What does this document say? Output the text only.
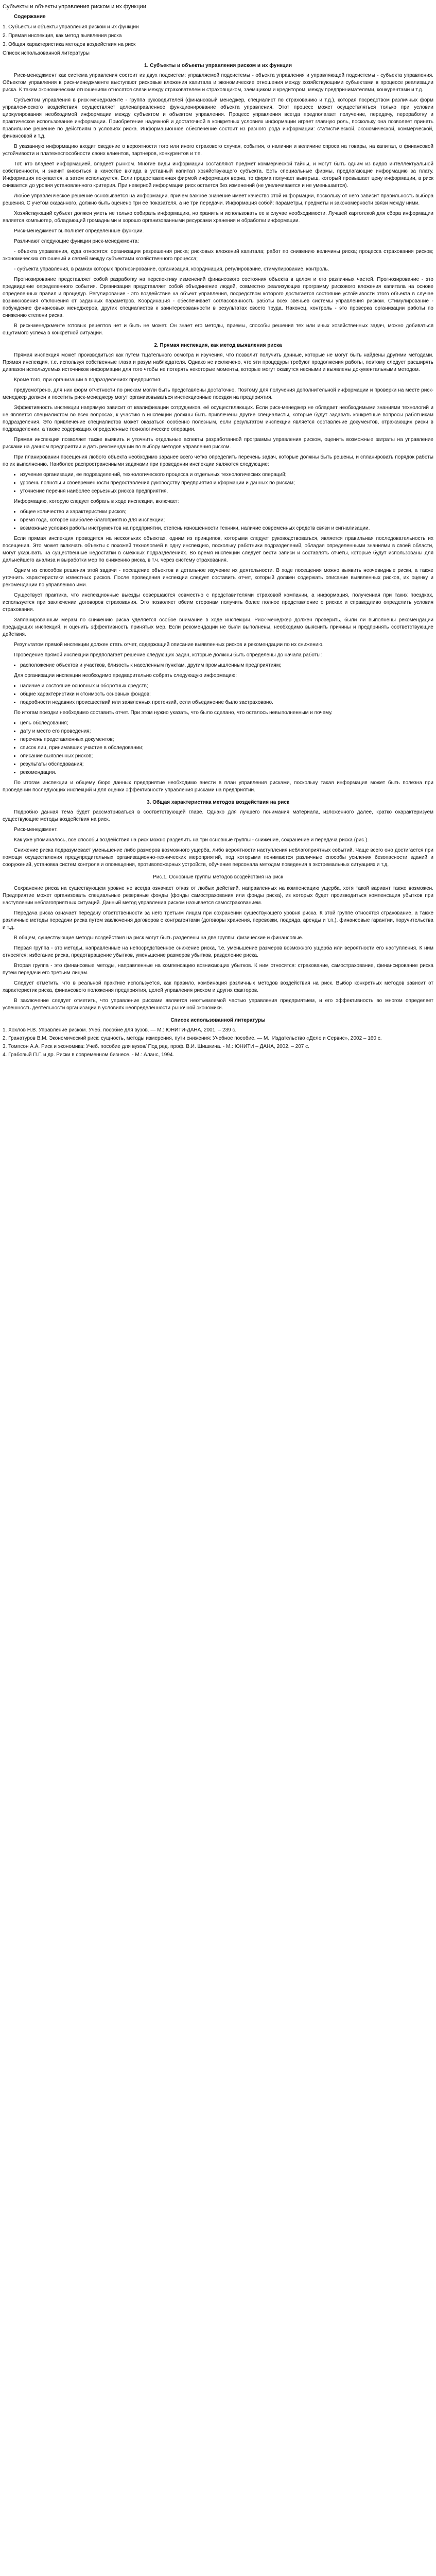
Субъекты и объекты управления риском и их функции
Содержание
1. Субъекты и объекты управления риском и их функции
2. Прямая инспекция, как метод выявления риска
3. Общая характеристика методов воздействия на риск
Список использованной литературы
1. Субъекты и объекты управления риском и их функции

Риск-менеджмент как система управления состоит из двух подсистем: управляемой подсистемы - объекта управления и управляющей подсистемы - субъекта управления. Объектом управления в риск-менеджменте выступают рисковые вложения капитала и экономические отношения между хозяйствующими субъектами в процессе реализации риска. К таким экономическим отношениям относятся связи между страхователем и страховщиком, заемщиком и кредитором, между предпринимателями, конкурентами и т.д.

Субъектом управления в риск-менеджменте - группа руководителей (финансовый менеджер, специалист по страхованию и т.д.), которая посредством различных форм управленческого воздействия осуществляет целенаправленное функционирование объекта управления. Этот процесс может осуществляться только при условии циркулирования необходимой информации между субъектом и объектом управления. Процесс управления всегда предполагает получение, передачу, переработку и практическое использование информации. Приобретение надежной и достаточной в конкретных условиях информации играет главную роль, поскольку она позволяет принять правильное решение по действиям в условиях риска. Информационное обеспечение состоит из разного рода информации: статистической, экономической, коммерческой, финансовой и т.д.

В указанную информацию входит сведение о вероятности того или иного страхового случая, события, о наличии и величине спроса на товары, на капитал, о финансовой устойчивости и платежеспособности своих клиентов, партнеров, конкурентов и т.п.

Тот, кто владеет информацией, владеет рынком. Многие виды информации составляют предмет коммерческой тайны, и могут быть одним из видов интеллектуальной собственности, и значит вноситься в качестве вклада в уставный капитал хозяйствующего субъекта. Есть специальные фирмы, предлагающие информацию за плату. Информация покупается, а затем используется. Если предоставленная фирмой информация верна, то фирма получает выигрыш, который превышает цену информации, а риск снижается до уровня установленного критерия. При неверной информации риск остается без изменений (не увеличивается и не уменьшается).

Любое управленческое решение основывается на информации, причем важное значение имеет качество этой информации, поскольку от него зависит правильность выбора решения. С учетом сказанного, должно быть оценено три ее показателя, а не три передачи. Информация собой: параметры, предметы и закономерности связи между ними.

Хозяйствующий субъект должен уметь не только собирать информацию, но хранить и использовать ее в случае необходимости. Лучшей картотекой для сбора информации является компьютер, обладающий громадными и хорошо организованными ресурсами хранения и обработки информации.

Риск-менеджмент выполняет определенные функции.

Различают следующие функции риск-менеджмента:

- объекта управления, куда относятся: организация разрешения риска; рисковых вложений капитала; работ по снижению величины риска; процесса страхования рисков; экономических отношений и связей между субъектами хозяйственного процесса;

- субъекта управления, в рамках которых прогнозирование, организация, координация, регулирование, стимулирование, контроль.

Прогнозирование представляет собой разработку на перспективу изменений финансового состояния объекта в целом и его различных частей. Прогнозирование - это предвидение определенного события. Организация представляет собой объединение людей, совместно реализующих программу рискового вложения капитала на основе определенных правил и процедур. Регулирование - это воздействие на объект управления, посредством которого достигается состояние устойчивости этого объекта в случае возникновения отклонения от заданных параметров. Координация - обеспечивает согласованность работы всех звеньев системы управления риском. Стимулирование - побуждение финансовых менеджеров, других специалистов к заинтересованности в результатах своего труда. Наконец, контроль - это проверка организации работы по снижению степени риска.

В риск-менеджменте готовых рецептов нет и быть не может. Он знает его методы, приемы, способы решения тех или иных хозяйственных задач, можно добиваться ощутимого успеха в конкретной ситуации.

2. Прямая инспекция, как метод выявления риска

Прямая инспекция может производиться как путем тщательного осмотра и изучения, что позволит получить данные, которые не могут быть найдены другими методами. Прямая инспекция, т.е. используя собственные глаза и разум наблюдателя. Однако не исключено, что эти процедуры требуют продолжения работы, поэтому следует расширять диапазон используемых источников информации для того чтобы не потерять некоторые моменты, которые могут окажутся несными и выявлены документальными методом.

Кроме того, при организации в подразделениях предприятия

предусмотрено, для них форм отчетности по рискам могли быть представлены достаточно. Поэтому для получения дополнительной информации и проверки на месте риск-менеджер должен и посетить риск-менеджеру могут организовываться инспекционные поездки на предприятия.

Эффективность инспекции напрямую зависит от квалификации сотрудников, её осуществляющих. Если риск-менеджер не обладает необходимыми знаниями технологий и не является специалистом во всех вопросах, к участию в инспекции должны быть привлечены другие специалисты, которые будут задавать конкретные вопросы работникам подразделения. Это привлечение специалистов может оказаться особенно полезным, если результатом инспекции является составление документов, отражающих риски в подразделении, а также содержащих определенные технологические операции.

Прямая инспекция позволяет также выявить и уточнить отдельные аспекты разработанной программы управления риском, оценить возможные затраты на управление рисками на данном предприятии и дать рекомендации по выбору методов управления риском.

При планировании посещения любого объекта необходимо заранее всего четко определить перечень задач, которые должны быть решены, и спланировать порядок работы по их выполнению. Наиболее распространенными задачами при проведении инспекции являются следующие:

• изучение организации, ее подразделений, технологического процесса и отдельных технологических операций;
• уровень полноты и своевременности предоставления руководству предприятия информации и данных по рискам;
• уточнение перечня наиболее серьезных рисков предприятия.

Информацию, которую следует собрать в ходе инспекции, включает:

• общее количество и характеристики рисков;
• время года, которое наиболее благоприятно для инспекции;
• возможные условия работы инструментов на предприятии, степень изношенности техники, наличие современных средств связи и сигнализации.

Если прямая инспекция проводится на нескольких объектах, одним из принципов, которыми следует руководствоваться, является правильная последовательность их посещения. Это может включать объекты с похожей технологией в одну инспекцию, поскольку работники подразделений, обладая определенными знаниями в своей области, могут указывать на существенные недостатки в смежных подразделениях. Во время инспекции следует вести записи и составлять отчеты, которые будут использованы для дальнейшего анализа и выработки мер по снижению риска, в т.ч. через систему страхования.

Одним из способов решения этой задачи - посещение объектов и детальное изучение их деятельности. В ходе посещения можно выявить неочевидные риски, а также уточнить характеристики известных рисков. После проведения инспекции следует составить отчет, который должен содержать описание выявленных рисков, их оценку и рекомендации по управлению ими.

Существует практика, что инспекционные выезды совершаются совместно с представителями страховой компании, а информация, полученная при таких поездках, используется при заключении договоров страхования. Это позволяет обеим сторонам получить более полное представление о рисках и справедливо определить условия страхования.

Запланированным мерам по снижению риска уделяется особое внимание в ходе инспекции. Риск-менеджер должен проверить, были ли выполнены рекомендации предыдущих инспекций, и оценить эффективность принятых мер. Если рекомендации не были выполнены, необходимо выяснить причины и предпринять соответствующие действия.

Результатом прямой инспекции должен стать отчет, содержащий описание выявленных рисков и рекомендации по их снижению.

Проведение прямой инспекции предполагает решение следующих задач, которые должны быть определены до начала работы:

• расположение объектов и участков, близость к населенным пунктам, другим промышленным предприятиям;

Для организации инспекции необходимо предварительно собрать следующую информацию:

• наличие и состояние основных и оборотных средств;
• общие характеристики и стоимость основных фондов;
• подробности недавних происшествий или заявленных претензий, если объединение было застраховано.

По итогам поездки необходимо составить отчет. При этом нужно указать, что было сделано, что осталось невыполненным и почему.

• цель обследования;
• дату и место его проведения;
• перечень представленных документов;
• список лиц, принимавших участие в обследовании;
• описание выявленных рисков;
• результаты обследования;
• рекомендации.

По итогам инспекции и общему бюро данных предприятие необходимо внести в план управления рисками, поскольку такая информация может быть полезна при проведении последующих инспекций и для оценки эффективности управления рисками на предприятии.

3. Общая характеристика методов воздействия на риск

Подробно данная тема будет рассматриваться в соответствующей главе. Однако для лучшего понимания материала, изложенного далее, кратко охарактеризуем существующие методы воздействия на риск.

Риск-менеджмент.

Как уже упоминалось, все способы воздействия на риск можно разделить на три основные группы - снижение, сохранение и передача риска (рис.).

Снижение риска подразумевает уменьшение либо размеров возможного ущерба, либо вероятности наступления неблагоприятных событий. Чаще всего оно достигается при помощи осуществления предупредительных организационно-технических мероприятий, под которыми понимаются различные способы усиления безопасности зданий и сооружений, установка систем контроля и оповещения, противопожарных устройств, обучение персонала методам поведения в экстремальных ситуациях и т.д.

Рис.1. Основные группы методов воздействия на риск

Сохранение риска на существующем уровне не всегда означает отказ от любых действий, направленных на компенсацию ущерба, хотя такой вариант также возможен. Предприятие может организовать специальные резервные фонды (фонды самострахования или фонды риска), из которых будет производиться компенсация убытков при наступлении неблагоприятных ситуаций. Данный метод управления риском называется самострахованием.

Передача риска означает передачу ответственности за него третьим лицам при сохранении существующего уровня риска. К этой группе относятся страхование, а также различные методы передачи риска путем заключения договоров с контрагентами (договоры хранения, перевозки, подряда, аренды и т.п.), финансовые гарантии, поручительства и т.д.

В общем, существующие методы воздействия на риск могут быть разделены на две группы: физические и финансовые.

Первая группа - это методы, направленные на непосредственное снижение риска, т.е. уменьшение размеров возможного ущерба или вероятности его наступления. К ним относятся: избегание риска, предотвращение убытков, уменьшение размеров убытков, разделение риска.

Вторая группа - это финансовые методы, направленные на компенсацию возникающих убытков. К ним относятся: страхование, самострахование, финансирование риска путем передачи его третьим лицам.

Следует отметить, что в реальной практике используется, как правило, комбинация различных методов воздействия на риск. Выбор конкретных методов зависит от характеристик риска, финансового положения предприятия, целей управления риском и других факторов.

В заключение следует отметить, что управление рисками является неотъемлемой частью управления предприятием, и его эффективность во многом определяет успешность деятельности организации в условиях неопределенности рыночной экономики.

Список использованной литературы
1. Хохлов Н.В. Управление риском. Учеб. пособие для вузов. — М.: ЮНИТИ-ДАНА, 2001. – 239 с.
2. Гранатуров В.М. Экономический риск: сущность, методы измерения, пути снижения: Учебное пособие. — М.: Издательство «Дело и Сервис», 2002 – 160 с.
3. Томпсон А.А. Риск и экономика: Учеб. пособие для вузов/ Под ред. проф. В.И. Шишкина. - М.: ЮНИТИ – ДАНА, 2002. – 207 с.
4. Грабовый П.Г. и др. Риски в современном бизнесе. - М.: Аланс, 1994.
